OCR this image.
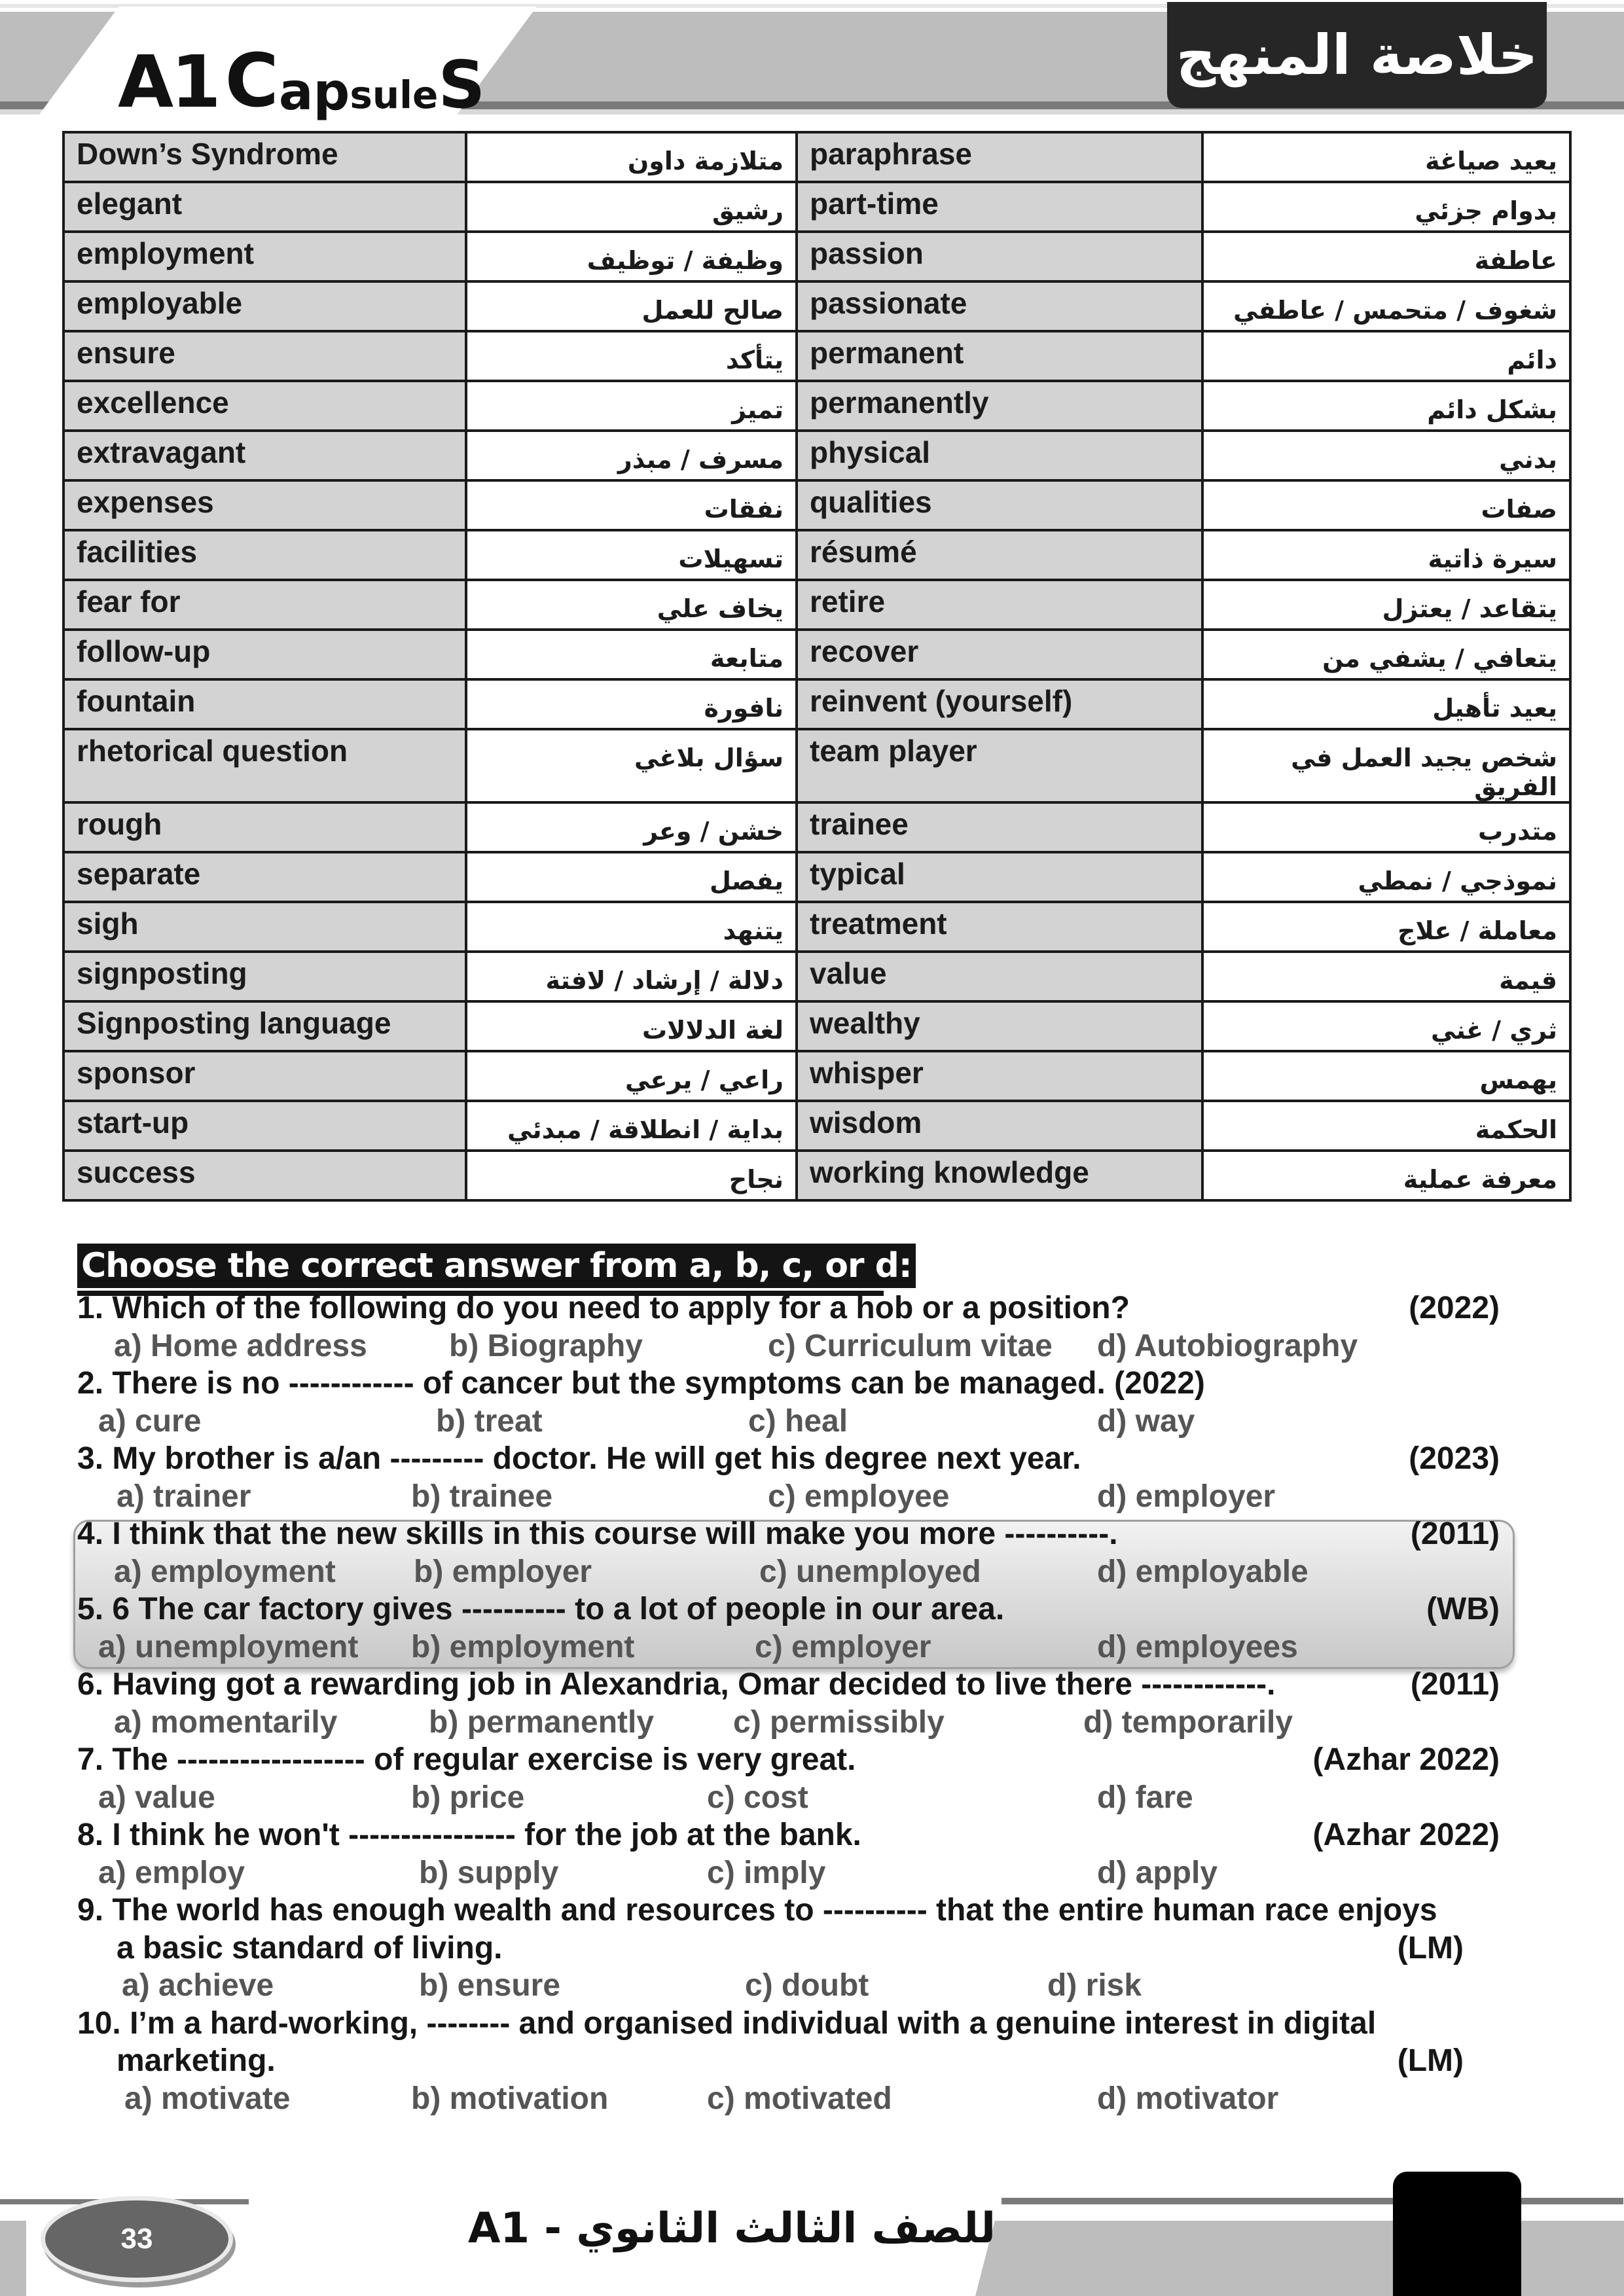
A1 C ap sule S	خلاصة المنهج
Down’s Syndrome	متلازمة داون	paraphrase	يعيد صياغة
elegant	رشيق	part-time	بدوام جزئي
employment	وظيفة / توظيف	passion	عاطفة
employable	صالح للعمل	passionate	شغوف / متحمس / عاطفي
ensure	يتأكد	permanent	دائم
excellence	تميز	permanently	بشكل دائم
extravagant	مسرف / مبذر	physical	بدني
expenses	نفقات	qualities	صفات
facilities	تسهيلات	résumé	سيرة ذاتية
fear for	يخاف علي	retire	يتقاعد / يعتزل
follow-up	متابعة	recover	يتعافي / يشفي من
fountain	نافورة	reinvent (yourself)	يعيد تأهيل
rhetorical question	سؤال بلاغي	team player	شخص يجيد العمل في الفريق
rough	خشن / وعر	trainee	متدرب
separate	يفصل	typical	نموذجي / نمطي
sigh	يتنهد	treatment	معاملة / علاج
signposting	دلالة / إرشاد / لافتة	value	قيمة
Signposting language	لغة الدلالات	wealthy	ثري / غني
sponsor	راعي / يرعي	whisper	يهمس
start-up	بداية / انطلاقة / مبدئي	wisdom	الحكمة
success	نجاح	working knowledge	معرفة عملية
Choose the correct answer from a, b, c, or d:
1. Which of the following do you need to apply for a hob or a position?	(2022)
a) Home address	b) Biography	c) Curriculum vitae d) Autobiography
2. There is no ------------ of cancer but the symptoms can be managed. (2022)
a) cure	b) treat	c) heal	d) way
3. My brother is a/an --------- doctor. He will get his degree next year.	(2023)
a) trainer	b) trainee	c) employee	d) employer
4. I think that the new skills in this course will make you more ----------.	(2011)
a) employment b) employer	c) unemployed	d) employable
5. 6 The car factory gives ---------- to a lot of people in our area.	(WB)
a) unemployment b) employment	c) employer	d) employees
6. Having got a rewarding job in Alexandria, Omar decided to live there ------------.	(2011)
a) momentarily	b) permanently	c) permissibly	d) temporarily
7. The ------------------ of regular exercise is very great.	(Azhar 2022)
a) value	b) price	c) cost	d) fare
8. I think he won't ---------------- for the job at the bank.	(Azhar 2022)
a) employ	b) supply	c) imply	d) apply
9. The world has enough wealth and resources to ---------- that the entire human race enjoys
a basic standard of living.	(LM)
a) achieve	b) ensure	c) doubt	d) risk
10. I’m a hard-working, -------- and organised individual with a genuine interest in digital
marketing.	(LM)
a) motivate	b) motivation	c) motivated	d) motivator
33	للصف الثالث الثانوي - A1
